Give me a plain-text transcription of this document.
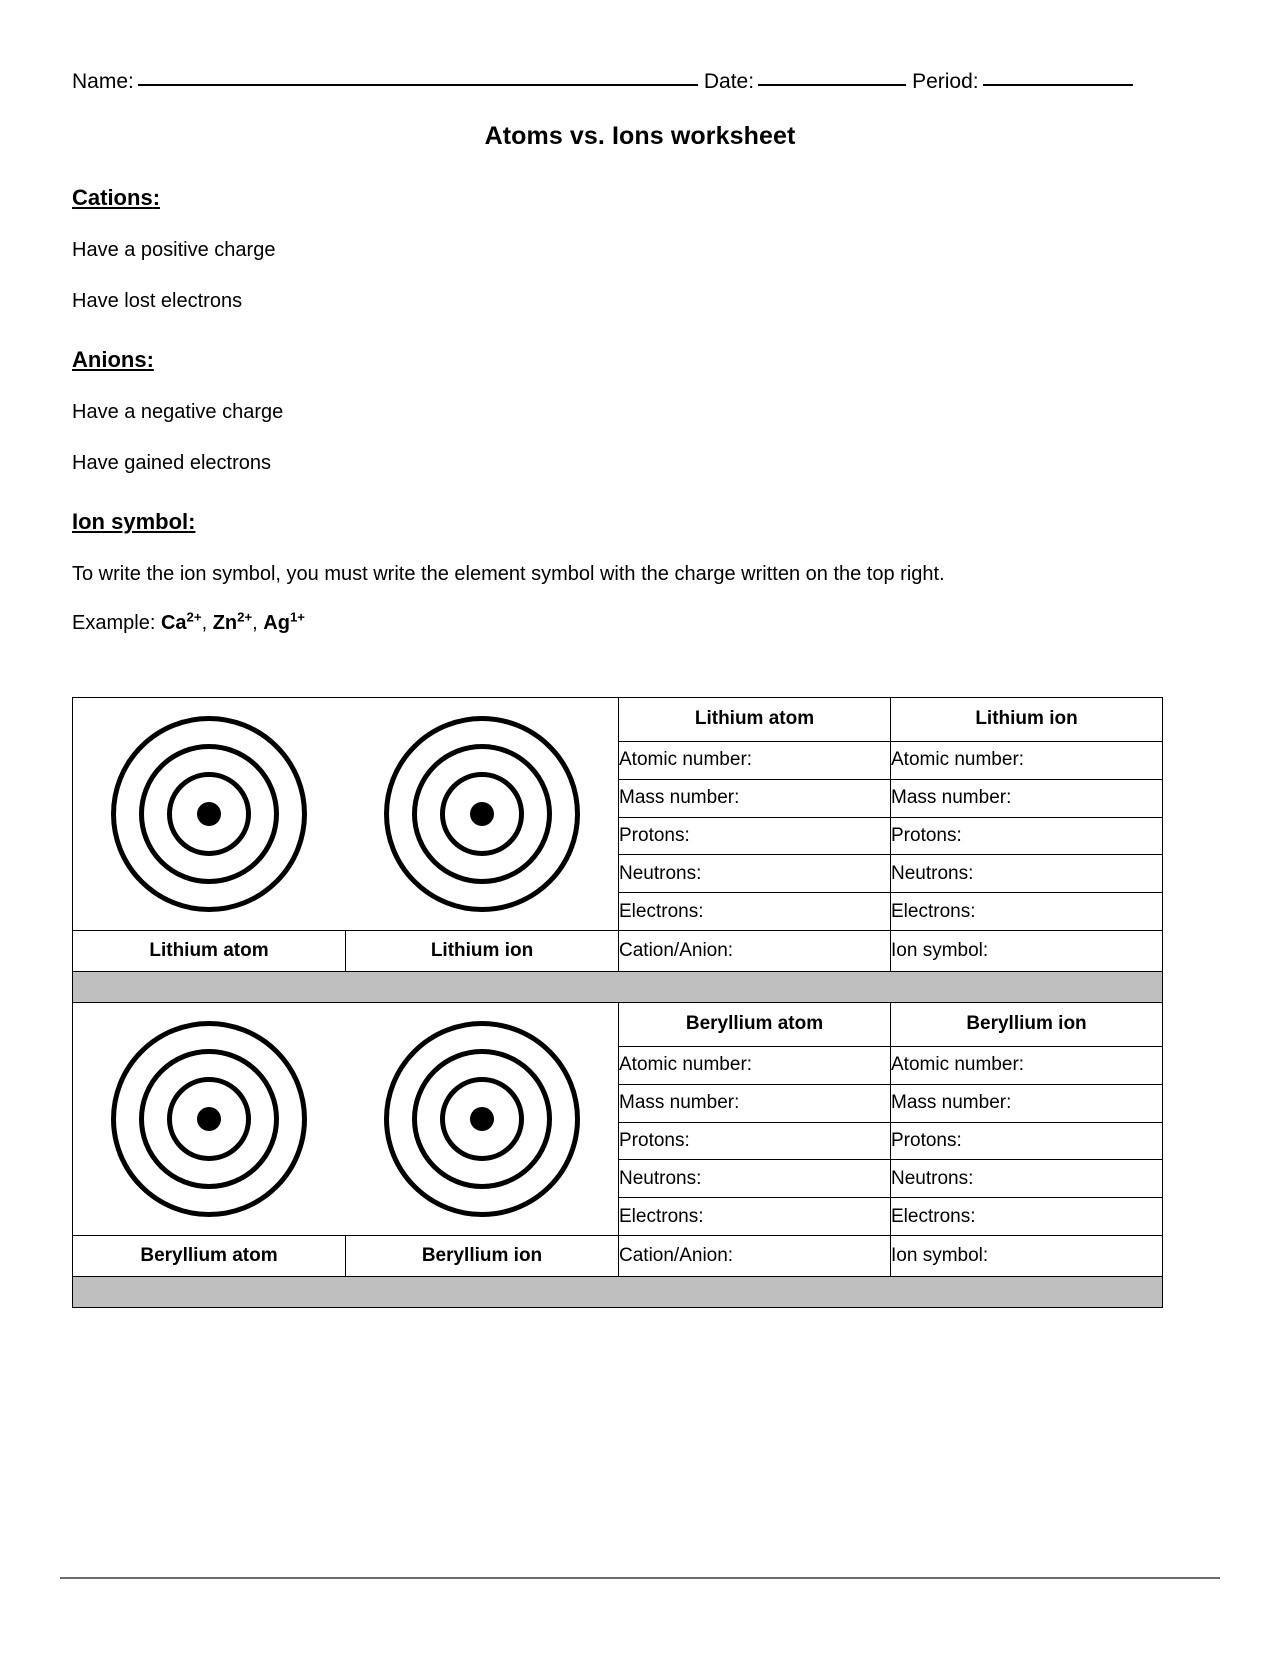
Name:	Date:	Period:
Atoms vs. Ions worksheet
Cations:
Have a positive charge
Have lost electrons
Anions:
Have a negative charge
Have gained electrons
Ion symbol:
To write the ion symbol, you must write the element symbol with the charge written on the top right.
Example: $Ca^{2+}$, $Zn^{2+}$, $Ag^{1+}$
		Lithium atom	Lithium ion
		Atomic number:	Atomic number:
		Mass number:	Mass number:
		Protons:	Protons:
		Neutrons:	Neutrons:
		Electrons:	Electrons:
Lithium atom	Lithium ion	Cation/Anion:	Ion symbol:

		Beryllium atom	Beryllium ion
		Atomic number:	Atomic number:
		Mass number:	Mass number:
		Protons:	Protons:
		Neutrons:	Neutrons:
		Electrons:	Electrons:
Beryllium atom	Beryllium ion	Cation/Anion:	Ion symbol:
